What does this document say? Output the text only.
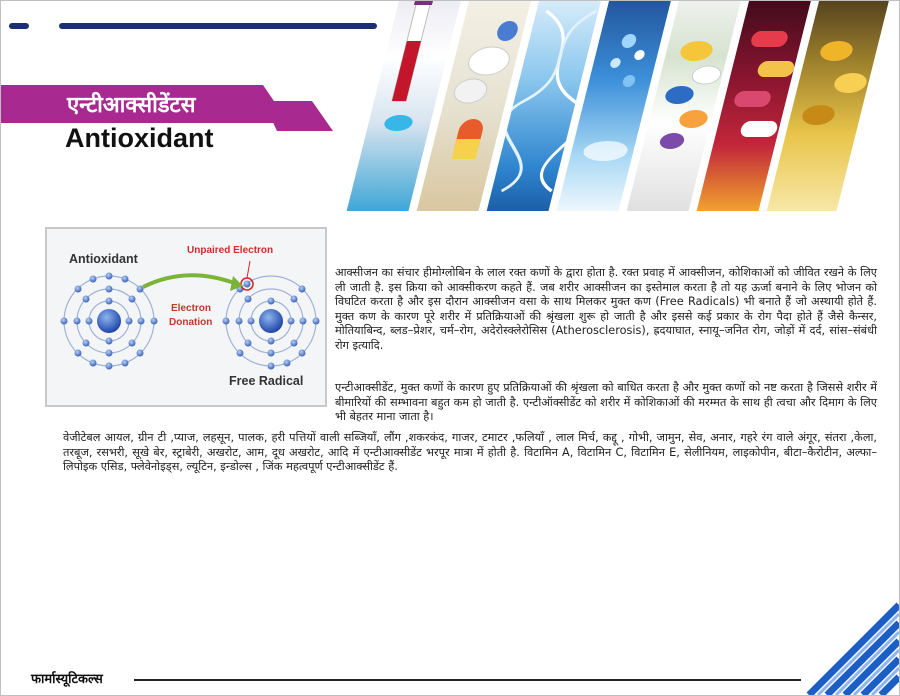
एन्टीआक्सीडेंटस
Antioxidant
Antioxidant
Unpaired Electron
Electron
Donation
Free Radical
आक्सीजन का संचार हीमोग्लोबिन के लाल रक्त कणों के द्वारा होता है. रक्त प्रवाह में आक्सीजन, कोशिकाओं को जीवित रखने के लिए ली जाती है. इस क्रिया को आक्सीकरण कहते हैं. जब शरीर आक्सीजन का इस्तेमाल करता है तो यह ऊर्जा बनाने के लिए भोजन को विघटित करता है और इस दौरान आक्सीजन वसा के साथ मिलकर मुक्त कण (Free Radicals) भी बनाते हैं जो अस्थायी होते हैं. मुक्त कण के कारण पूरे शरीर में प्रतिक्रियाओं की श्रृंखला शुरू हो जाती है और इससे कई प्रकार के रोग पैदा होते हैं जैसे कैन्सर, मोतियाबिन्द, ब्लड–प्रेशर, चर्म–रोग, अदेरोस्क्लेरोसिस (Atherosclerosis), ह्रदयाघात, स्नायू–जनित रोग, जोड़ों में दर्द, सांस–संबंधी रोग इत्यादि.
एन्टीआक्सीडेंट, मुक्त कणों के कारण हुए प्रतिक्रियाओं की श्रृंखला को बाधित करता है और मुक्त कणों को नष्ट करता है जिससे शरीर में बीमारियों की सम्भावना बहुत कम हो जाती है. एन्टीऑक्सीडेंट को शरीर में कोशिकाओं की मरम्मत के साथ ही त्वचा और दिमाग के लिए भी बेहतर माना जाता है।
वेजीटेबल आयल, ग्रीन टी ,प्याज, लहसून, पालक, हरी पत्तियों वाली सब्जियाँ, लौंग ,शकरकंद, गाजर, टमाटर ,फलियाँ , लाल मिर्च, कद्दू , गोभी, जामुन, सेव, अनार, गहरे रंग वाले अंगूर, संतरा ,केला, तरबूज, रसभरी, सूखे बेर, स्ट्राबेरी, अखरोट, आम, दूध अखरोट, आदि में एन्टीआक्सीडेंट भरपूर मात्रा में होती है. विटामिन A, विटामिन C, विटामिन E, सेलीनियम, लाइकोपीन, बीटा–कैरोटीन, अल्फा–लिपोइक एसिड, फ्लेवेनोइड्स, ल्यूटिन, इन्डोल्स , जिंक महत्वपूर्ण एन्टीआक्सीडेंट हैं.
फार्मास्यूटिकल्स
